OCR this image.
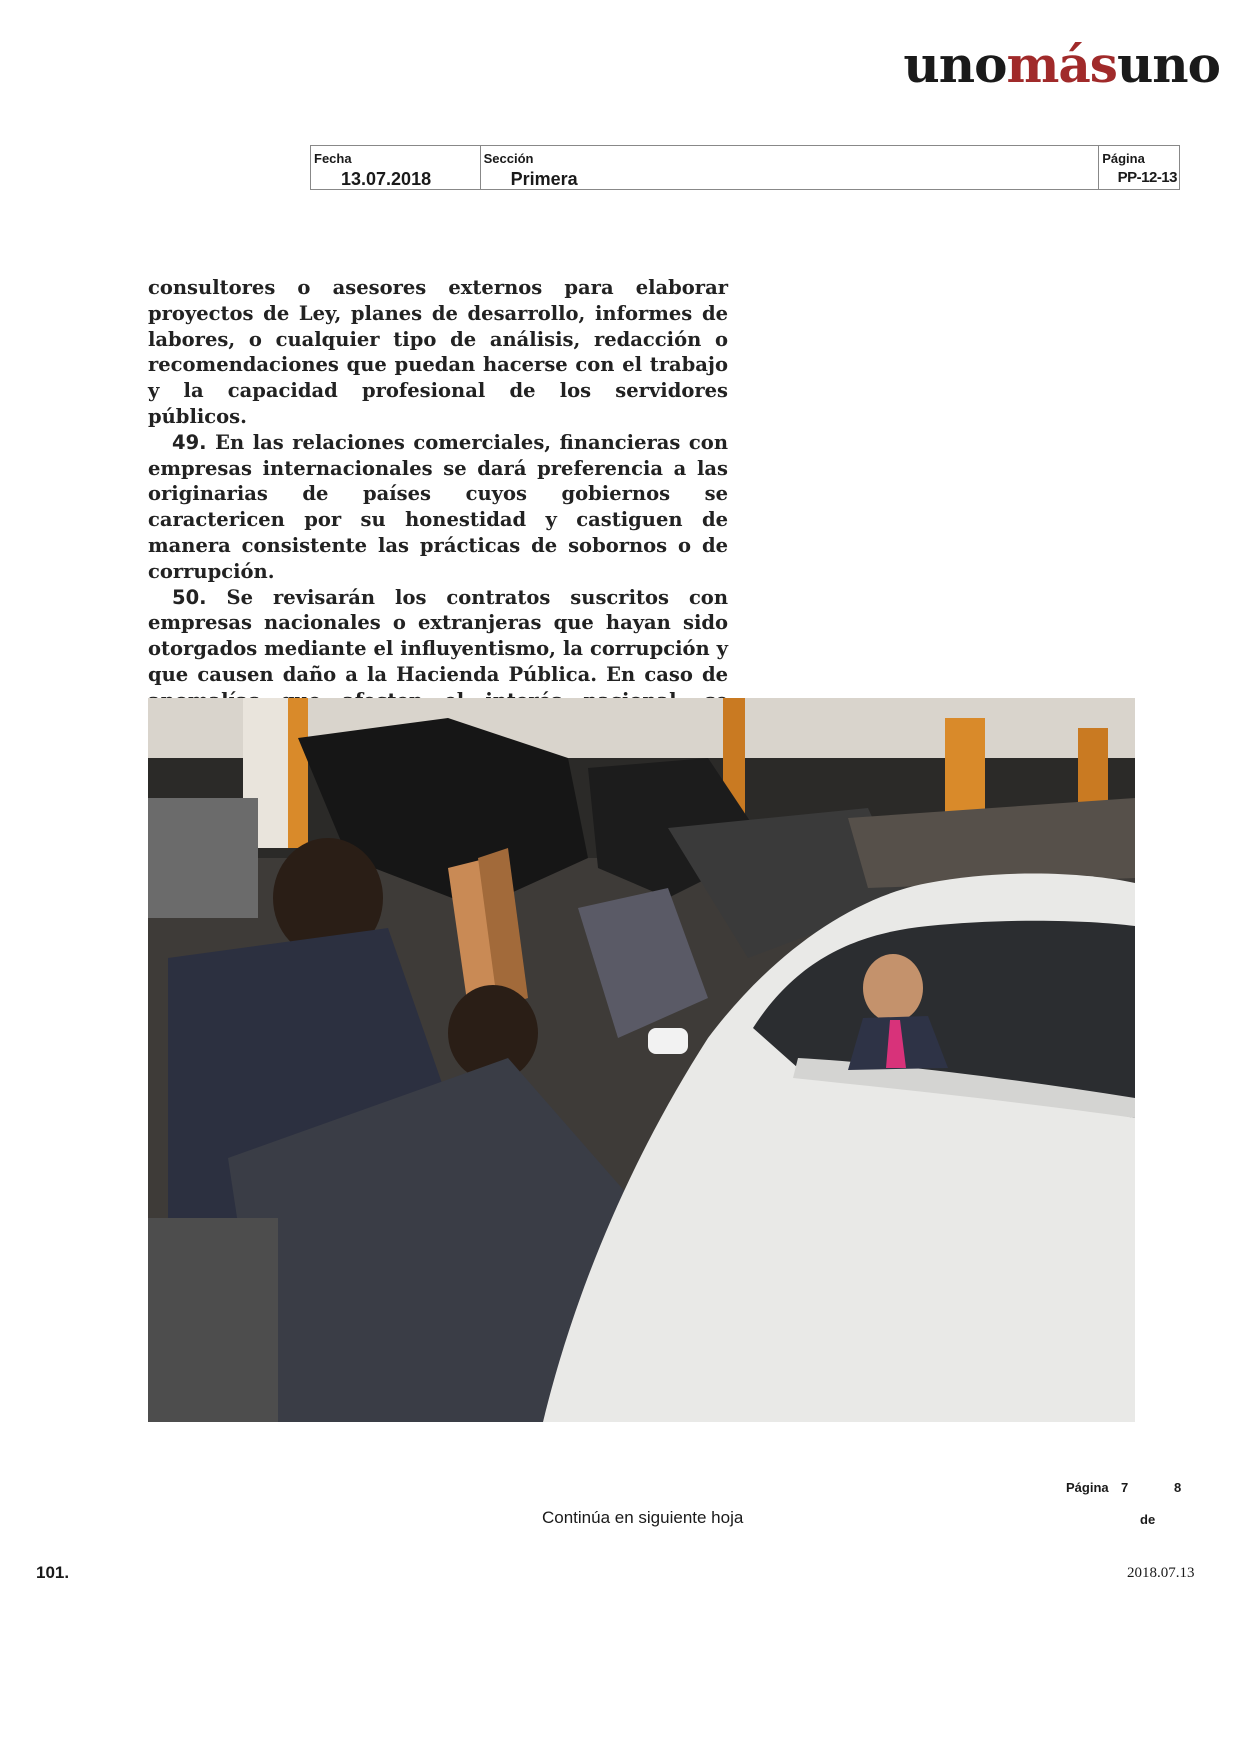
unomásuno
Fecha
13.07.2018
Sección
Primera
Página
PP-12-13

consultores o asesores externos para elaborar proyectos de Ley, planes de desarrollo, informes de labores, o cualquier tipo de análisis, redacción o recomendaciones que puedan hacerse con el trabajo y la capacidad profesional de los servidores públicos.

49. En las relaciones comerciales, financieras con empresas internacionales se dará preferencia a las originarias de países cuyos gobiernos se caractericen por su honestidad y castiguen de manera consistente las prácticas de sobornos o de corrupción.

50. Se revisarán los contratos suscritos con empresas nacionales o extranjeras que hayan sido otorgados mediante el influyentismo, la corrupción y que causen daño a la Hacienda Pública. En caso de

Página 7	8
Continúa en siguiente hoja	de
101.	2018.07.13
